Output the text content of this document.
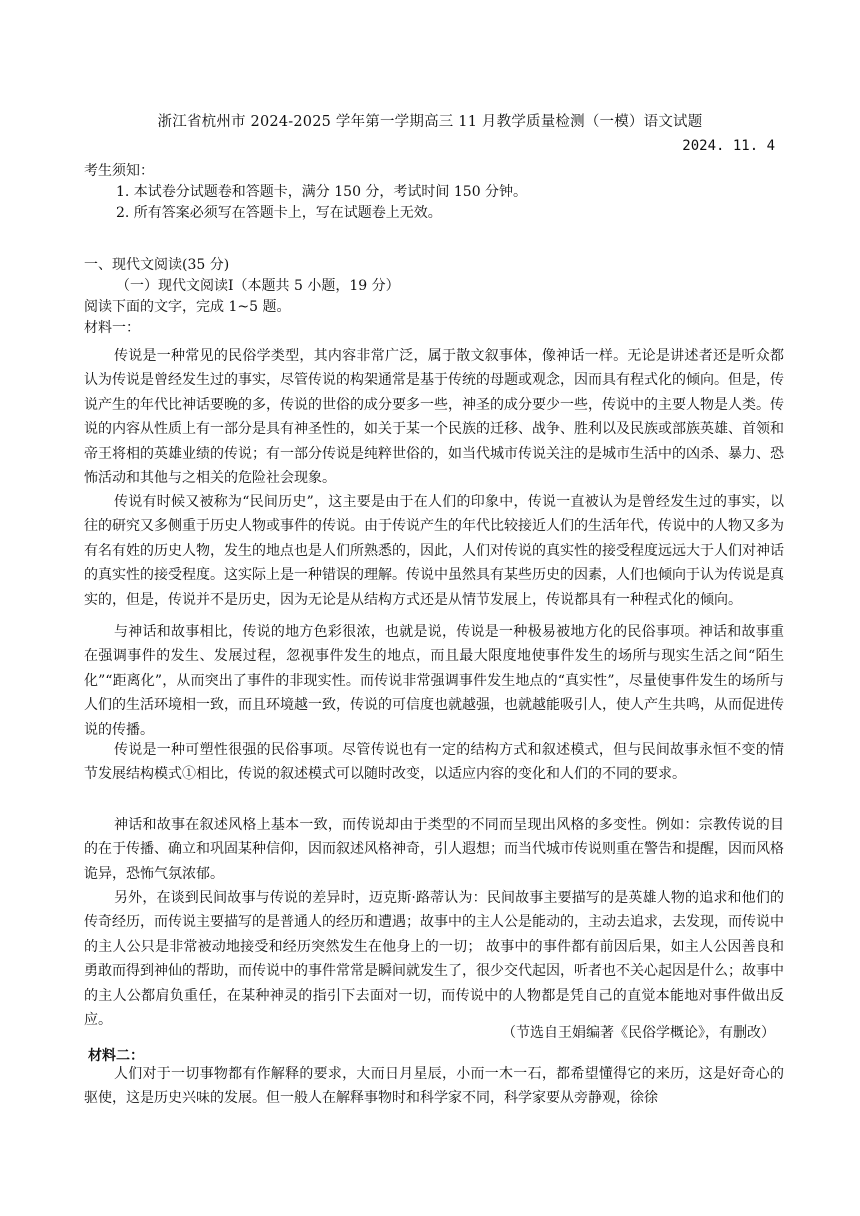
浙江省杭州市 2024-2025 学年第一学期高三 11 月教学质量检测（一模）语文试题
2024. 11. 4
考生须知：
1. 本试卷分试题卷和答题卡，满分 150 分，考试时间 150 分钟。
2. 所有答案必须写在答题卡上，写在试题卷上无效。
一、现代文阅读(35 分)
（一）现代文阅读Ⅰ（本题共 5 小题，19 分）
阅读下面的文字，完成 1~5 题。
材料一：

传说是一种常见的民俗学类型，其内容非常广泛，属于散文叙事体，像神话一样。无论是讲述者还是听众都认为传说是曾经发生过的事实，尽管传说的构架通常是基于传统的母题或观念，因而具有程式化的倾向。但是，传说产生的年代比神话要晚的多，传说的世俗的成分要多一些，神圣的成分要少一些，传说中的主要人物是人类。传说的内容从性质上有一部分是具有神圣性的，如关于某一个民族的迁移、战争、胜利以及民族或部族英雄、首领和帝王将相的英雄业绩的传说；有一部分传说是纯粹世俗的，如当代城市传说关注的是城市生活中的凶杀、暴力、恐怖活动和其他与之相关的危险社会现象。

传说有时候又被称为“民间历史”，这主要是由于在人们的印象中，传说一直被认为是曾经发生过的事实，以往的研究又多侧重于历史人物或事件的传说。由于传说产生的年代比较接近人们的生活年代，传说中的人物又多为有名有姓的历史人物，发生的地点也是人们所熟悉的，因此，人们对传说的真实性的接受程度远远大于人们对神话的真实性的接受程度。这实际上是一种错误的理解。传说中虽然具有某些历史的因素，人们也倾向于认为传说是真实的，但是，传说并不是历史，因为无论是从结构方式还是从情节发展上，传说都具有一种程式化的倾向。

与神话和故事相比，传说的地方色彩很浓，也就是说，传说是一种极易被地方化的民俗事项。神话和故事重在强调事件的发生、发展过程，忽视事件发生的地点，而且最大限度地使事件发生的场所与现实生活之间“陌生化”“距离化”，从而突出了事件的非现实性。而传说非常强调事件发生地点的“真实性”，尽量使事件发生的场所与人们的生活环境相一致，而且环境越一致，传说的可信度也就越强，也就越能吸引人，使人产生共鸣，从而促进传说的传播。

传说是一种可塑性很强的民俗事项。尽管传说也有一定的结构方式和叙述模式，但与民间故事永恒不变的情节发展结构模式①相比，传说的叙述模式可以随时改变，以适应内容的变化和人们的不同的要求。

神话和故事在叙述风格上基本一致，而传说却由于类型的不同而呈现出风格的多变性。例如：宗教传说的目的在于传播、确立和巩固某种信仰，因而叙述风格神奇，引人遐想；而当代城市传说则重在警告和提醒，因而风格诡异，恐怖气氛浓郁。

另外，在谈到民间故事与传说的差异时，迈克斯·路蒂认为：民间故事主要描写的是英雄人物的追求和他们的传奇经历，而传说主要描写的是普通人的经历和遭遇；故事中的主人公是能动的，主动去追求，去发现，而传说中的主人公只是非常被动地接受和经历突然发生在他身上的一切； 故事中的事件都有前因后果，如主人公因善良和勇敢而得到神仙的帮助，而传说中的事件常常是瞬间就发生了，很少交代起因，听者也不关心起因是什么；故事中的主人公都肩负重任，在某种神灵的指引下去面对一切，而传说中的人物都是凭自己的直觉本能地对事件做出反应。

（节选自王娟编著《民俗学概论》，有删改）
材料二：

人们对于一切事物都有作解释的要求，大而日月星辰，小而一木一石，都希望懂得它的来历，这是好奇心的驱使，这是历史兴味的发展。但一般人在解释事物时和科学家不同，科学家要从旁静观，徐徐
